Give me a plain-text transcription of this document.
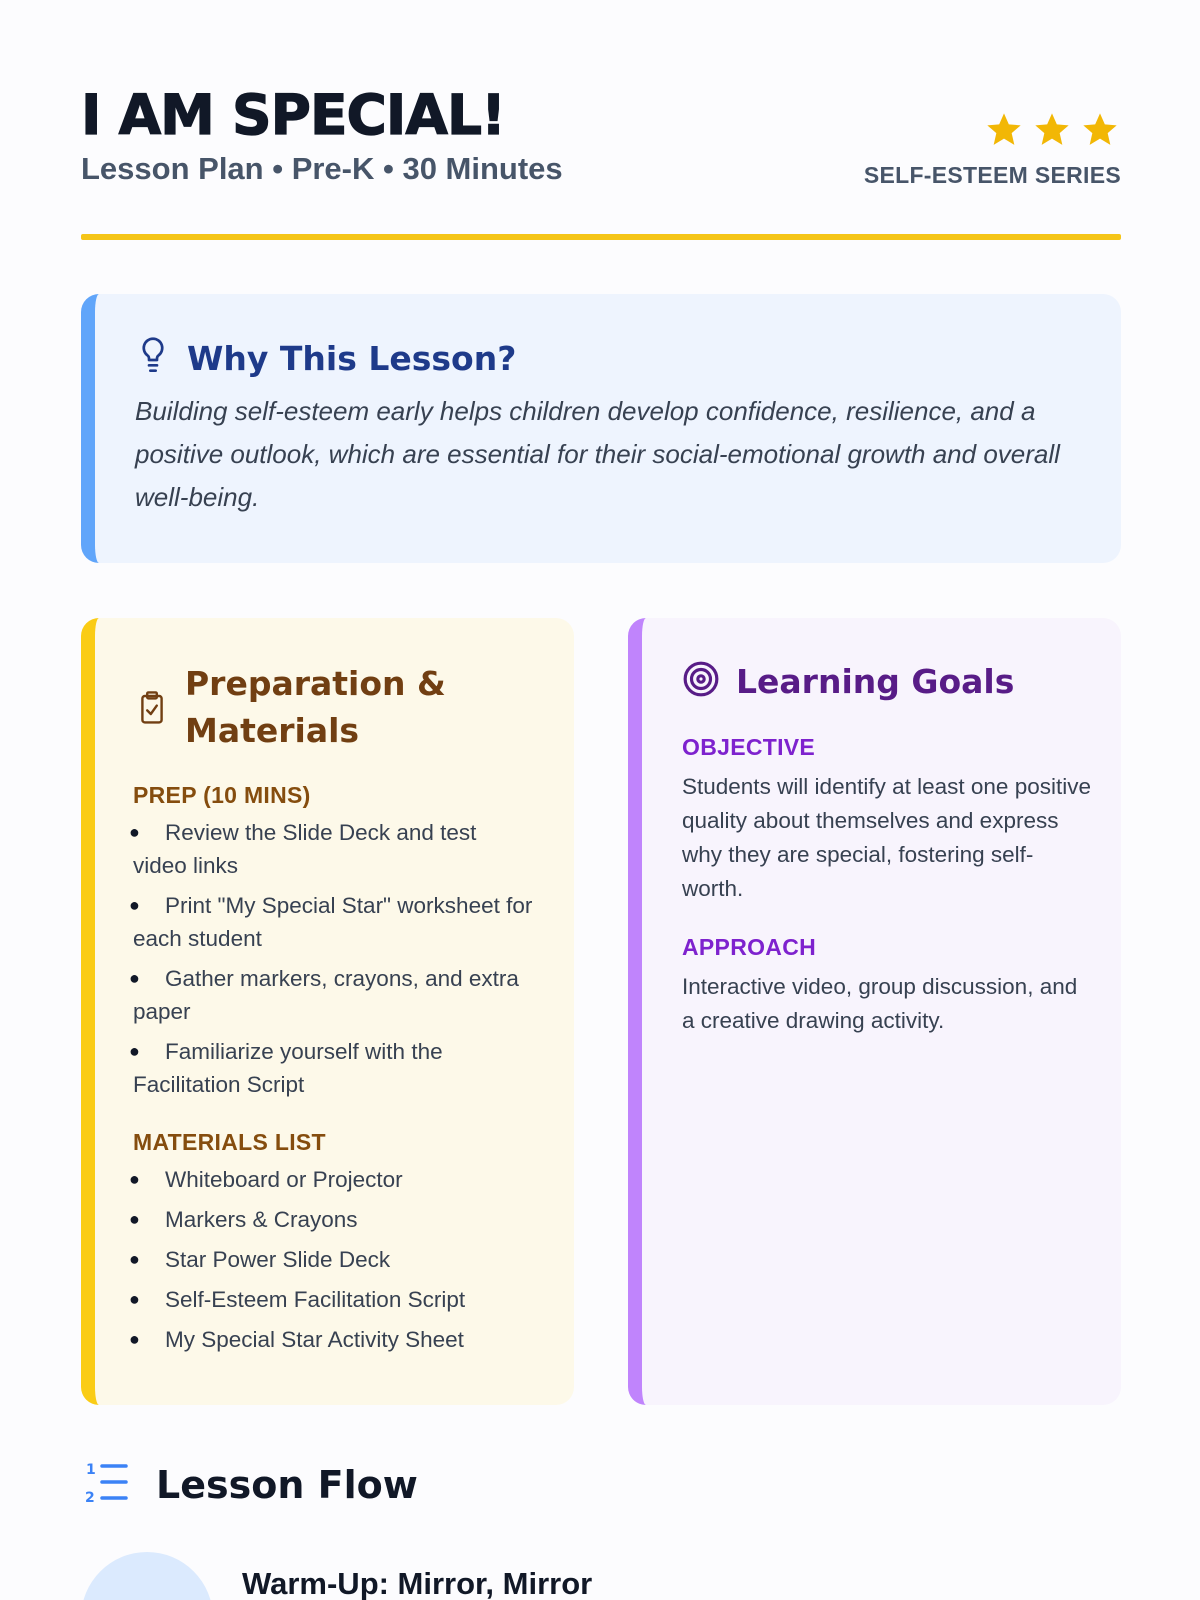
I AM SPECIAL!
Lesson Plan • Pre-K • 30 Minutes	SELF-ESTEEM SERIES
Why This Lesson?

Building self-esteem early helps children develop confidence, resilience, and a positive outlook, which are essential for their social-emotional growth and overall well-being.

Preparation & Materials
PREP (10 MINS)
● Review the Slide Deck and test video links
● Print "My Special Star" worksheet for each student
● Gather markers, crayons, and extra paper
● Familiarize yourself with the Facilitation Script
MATERIALS LIST
● Whiteboard or Projector
● Markers & Crayons
● Star Power Slide Deck
● Self-Esteem Facilitation Script
● My Special Star Activity Sheet
Learning Goals
OBJECTIVE

Students will identify at least one positive quality about themselves and express why they are special, fostering self-worth.

APPROACH

Interactive video, group discussion, and a creative drawing activity.

1
2 Lesson Flow
Warm-Up: Mirror, Mirror
